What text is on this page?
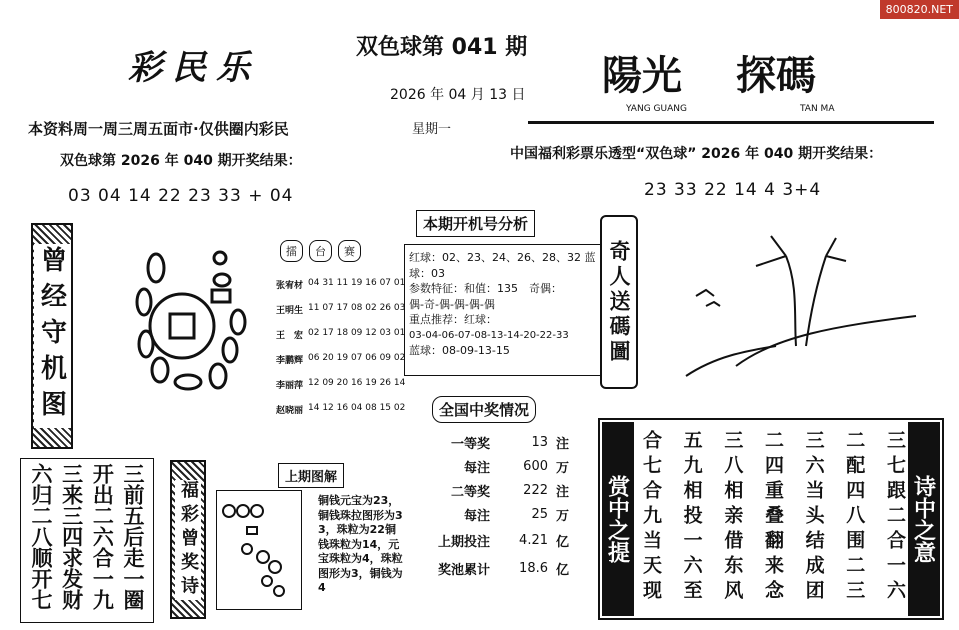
800820.NET
彩民乐
双色球第 041 期
2026 年 04 月 13 日
星期一
陽光 探碼
YANG GUANG	TAN MA
本资料周一周三周五面市·仅供圈内彩民
双色球第 2026 年 040 期开奖结果：
03 04 14 22 23 33 + 04
中国福利彩票乐透型“双色球” 2026 年 040 期开奖结果：
23 33 22 14 4 3+4
曾经守机图	擂	台	赛
张宥材 04 31 11 19 16 07 01
王明生 11 07 17 08 02 26 03
王　宏 02 17 18 09 12 03 01
李鹏辉 06 20 19 07 06 09 02
李丽萍 12 09 20 16 19 26 14
赵晓丽 14 12 16 04 08 15 02
本期开机号分析
红球：02、23、24、26、28、32 蓝
球：03
参数特征：和值：135　奇偶：
偶-奇-偶-偶-偶-偶
重点推荐：红球：
03-04-06-07-08-13-14-20-22-33
蓝球：08-09-13-15	奇人送碼圖
全国中奖情况
一等奖	13 注
每注	600 万
二等奖	222 注
每注	25 万
上期投注	4.21 亿
奖池累计	18.6 亿
上期图解
铜钱元宝为23，铜钱珠拉图形为33，珠粒为22铜钱珠粒为14，元宝珠粒为4，珠粒图形为3，铜钱为4
六归二八顺开七 三来三四求发财 开出二六合一九 三前五后走一圈 福彩曾奖诗	赏中之提	诗中之意
合七合九当天现 五九相投一六至 三八相亲借东风 二四重叠翻来念 三六当头结成团 二配四八围二三 三七跟二合一六
